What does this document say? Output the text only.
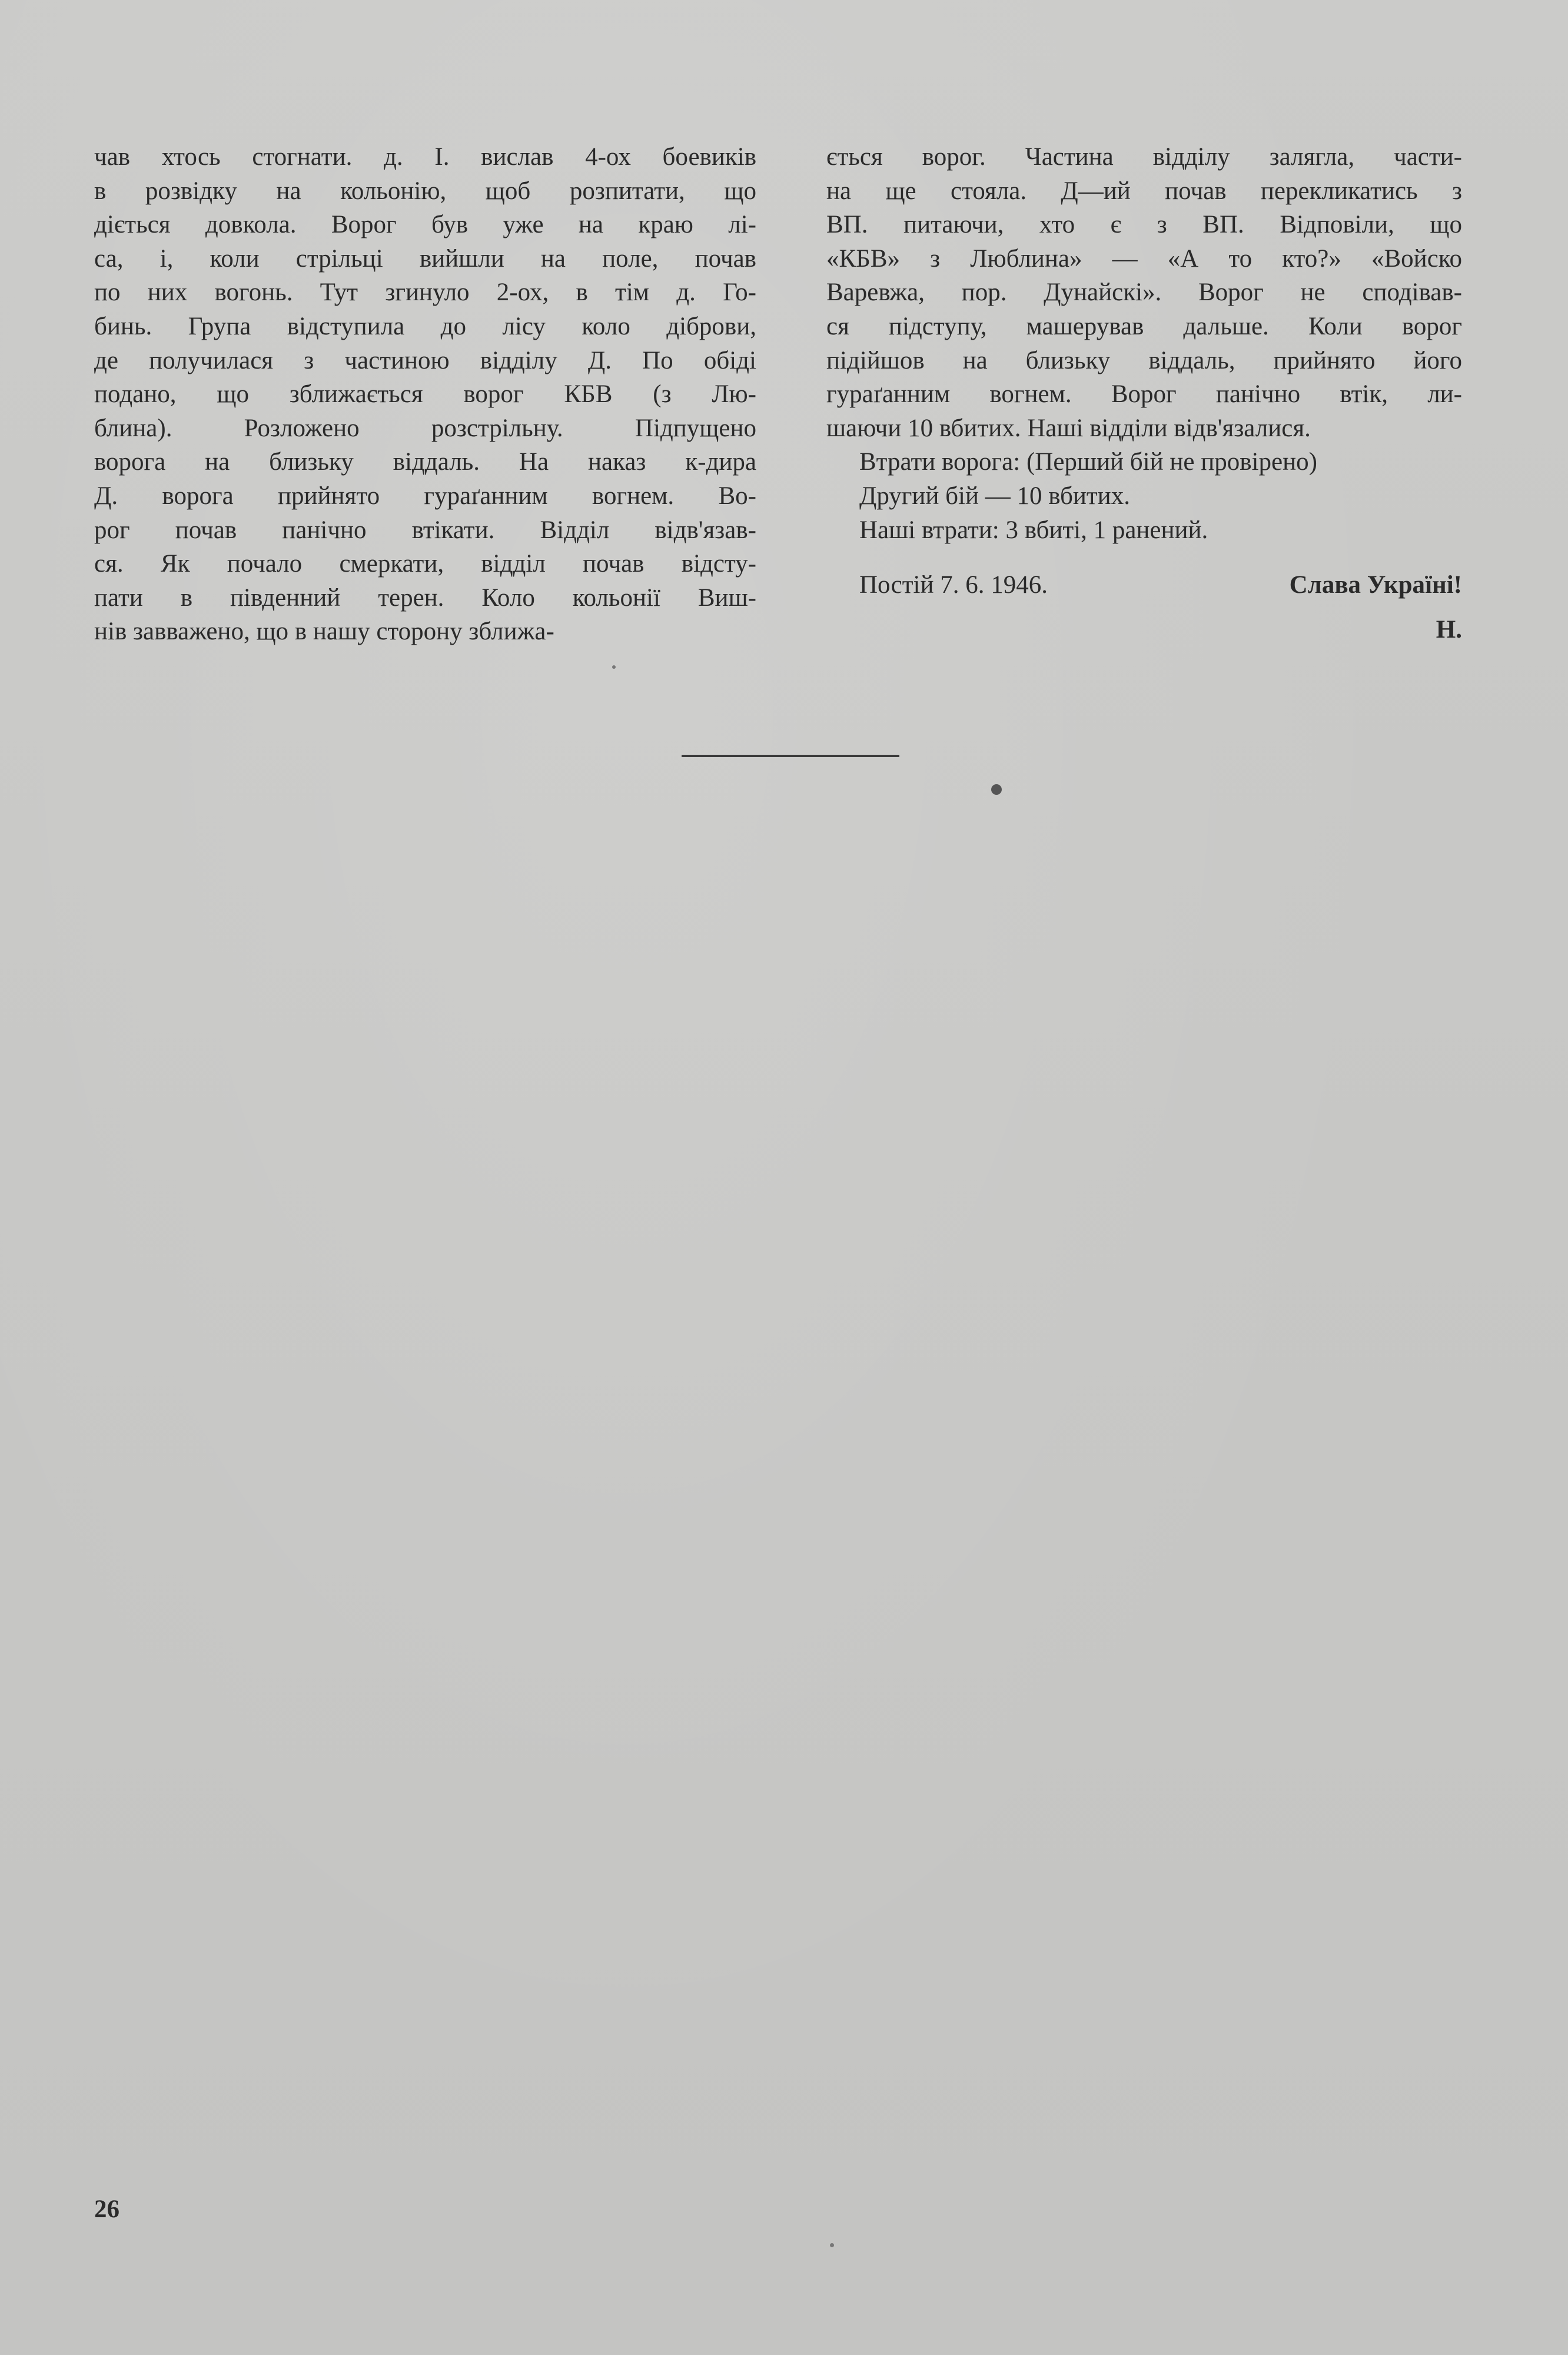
чав хтось стогнати. д. І. вислав 4-ох боевиків
в розвідку на кольонію, щоб розпитати, що
діється довкола. Ворог був уже на краю лі-
са, і, коли стрільці вийшли на поле, почав
по них вогонь. Тут згинуло 2-ох, в тім д. Го-
бинь. Група відступила до лісу коло діброви,
де получилася з частиною відділу Д. По обіді
подано, що зближається ворог КБВ (з Лю-
блина). Розложено розстрільну. Підпущено
ворога на близьку віддаль. На наказ к-дира
Д. ворога прийнято гураґанним вогнем. Во-
рог почав панічно втікати. Відділ відв'язав-
ся. Як почало смеркати, відділ почав відсту-
пати в південний терен. Коло кольонії Виш-
нів завважено, що в нашу сторону зближа-
ється ворог. Частина відділу залягла, части-
на ще стояла. Д—ий почав перекликатись з
ВП. питаючи, хто є з ВП. Відповіли, що
«КБВ» з Люблина» — «А то кто?» «Войско
Варевжа, пор. Дунайскі». Ворог не сподівав-
ся підступу, машерував дальше. Коли ворог
підійшов на близьку віддаль, прийнято його
гураґанним вогнем. Ворог панічно втік, ли-
шаючи 10 вбитих. Наші відділи відв'язалися.
Втрати ворога: (Перший бій не провірено)
Другий бій — 10 вбитих.
Наші втрати: 3 вбиті, 1 ранений.
Постій 7. 6. 1946.	Слава Україні!
Н.
26
